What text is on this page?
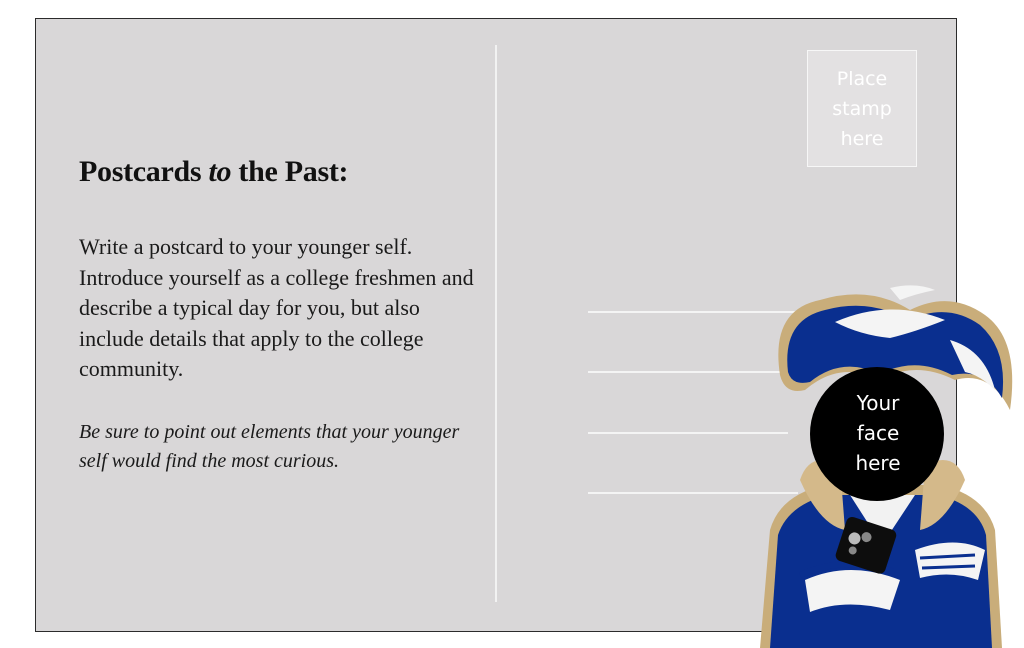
Postcards to the Past:

Write a postcard to your younger self. Introduce yourself as a college freshmen and describe a typical day for you, but also include details that apply to the college community.

Be sure to point out elements that your younger self would find the most curious.

Place
stamp
here
Your
face
here
